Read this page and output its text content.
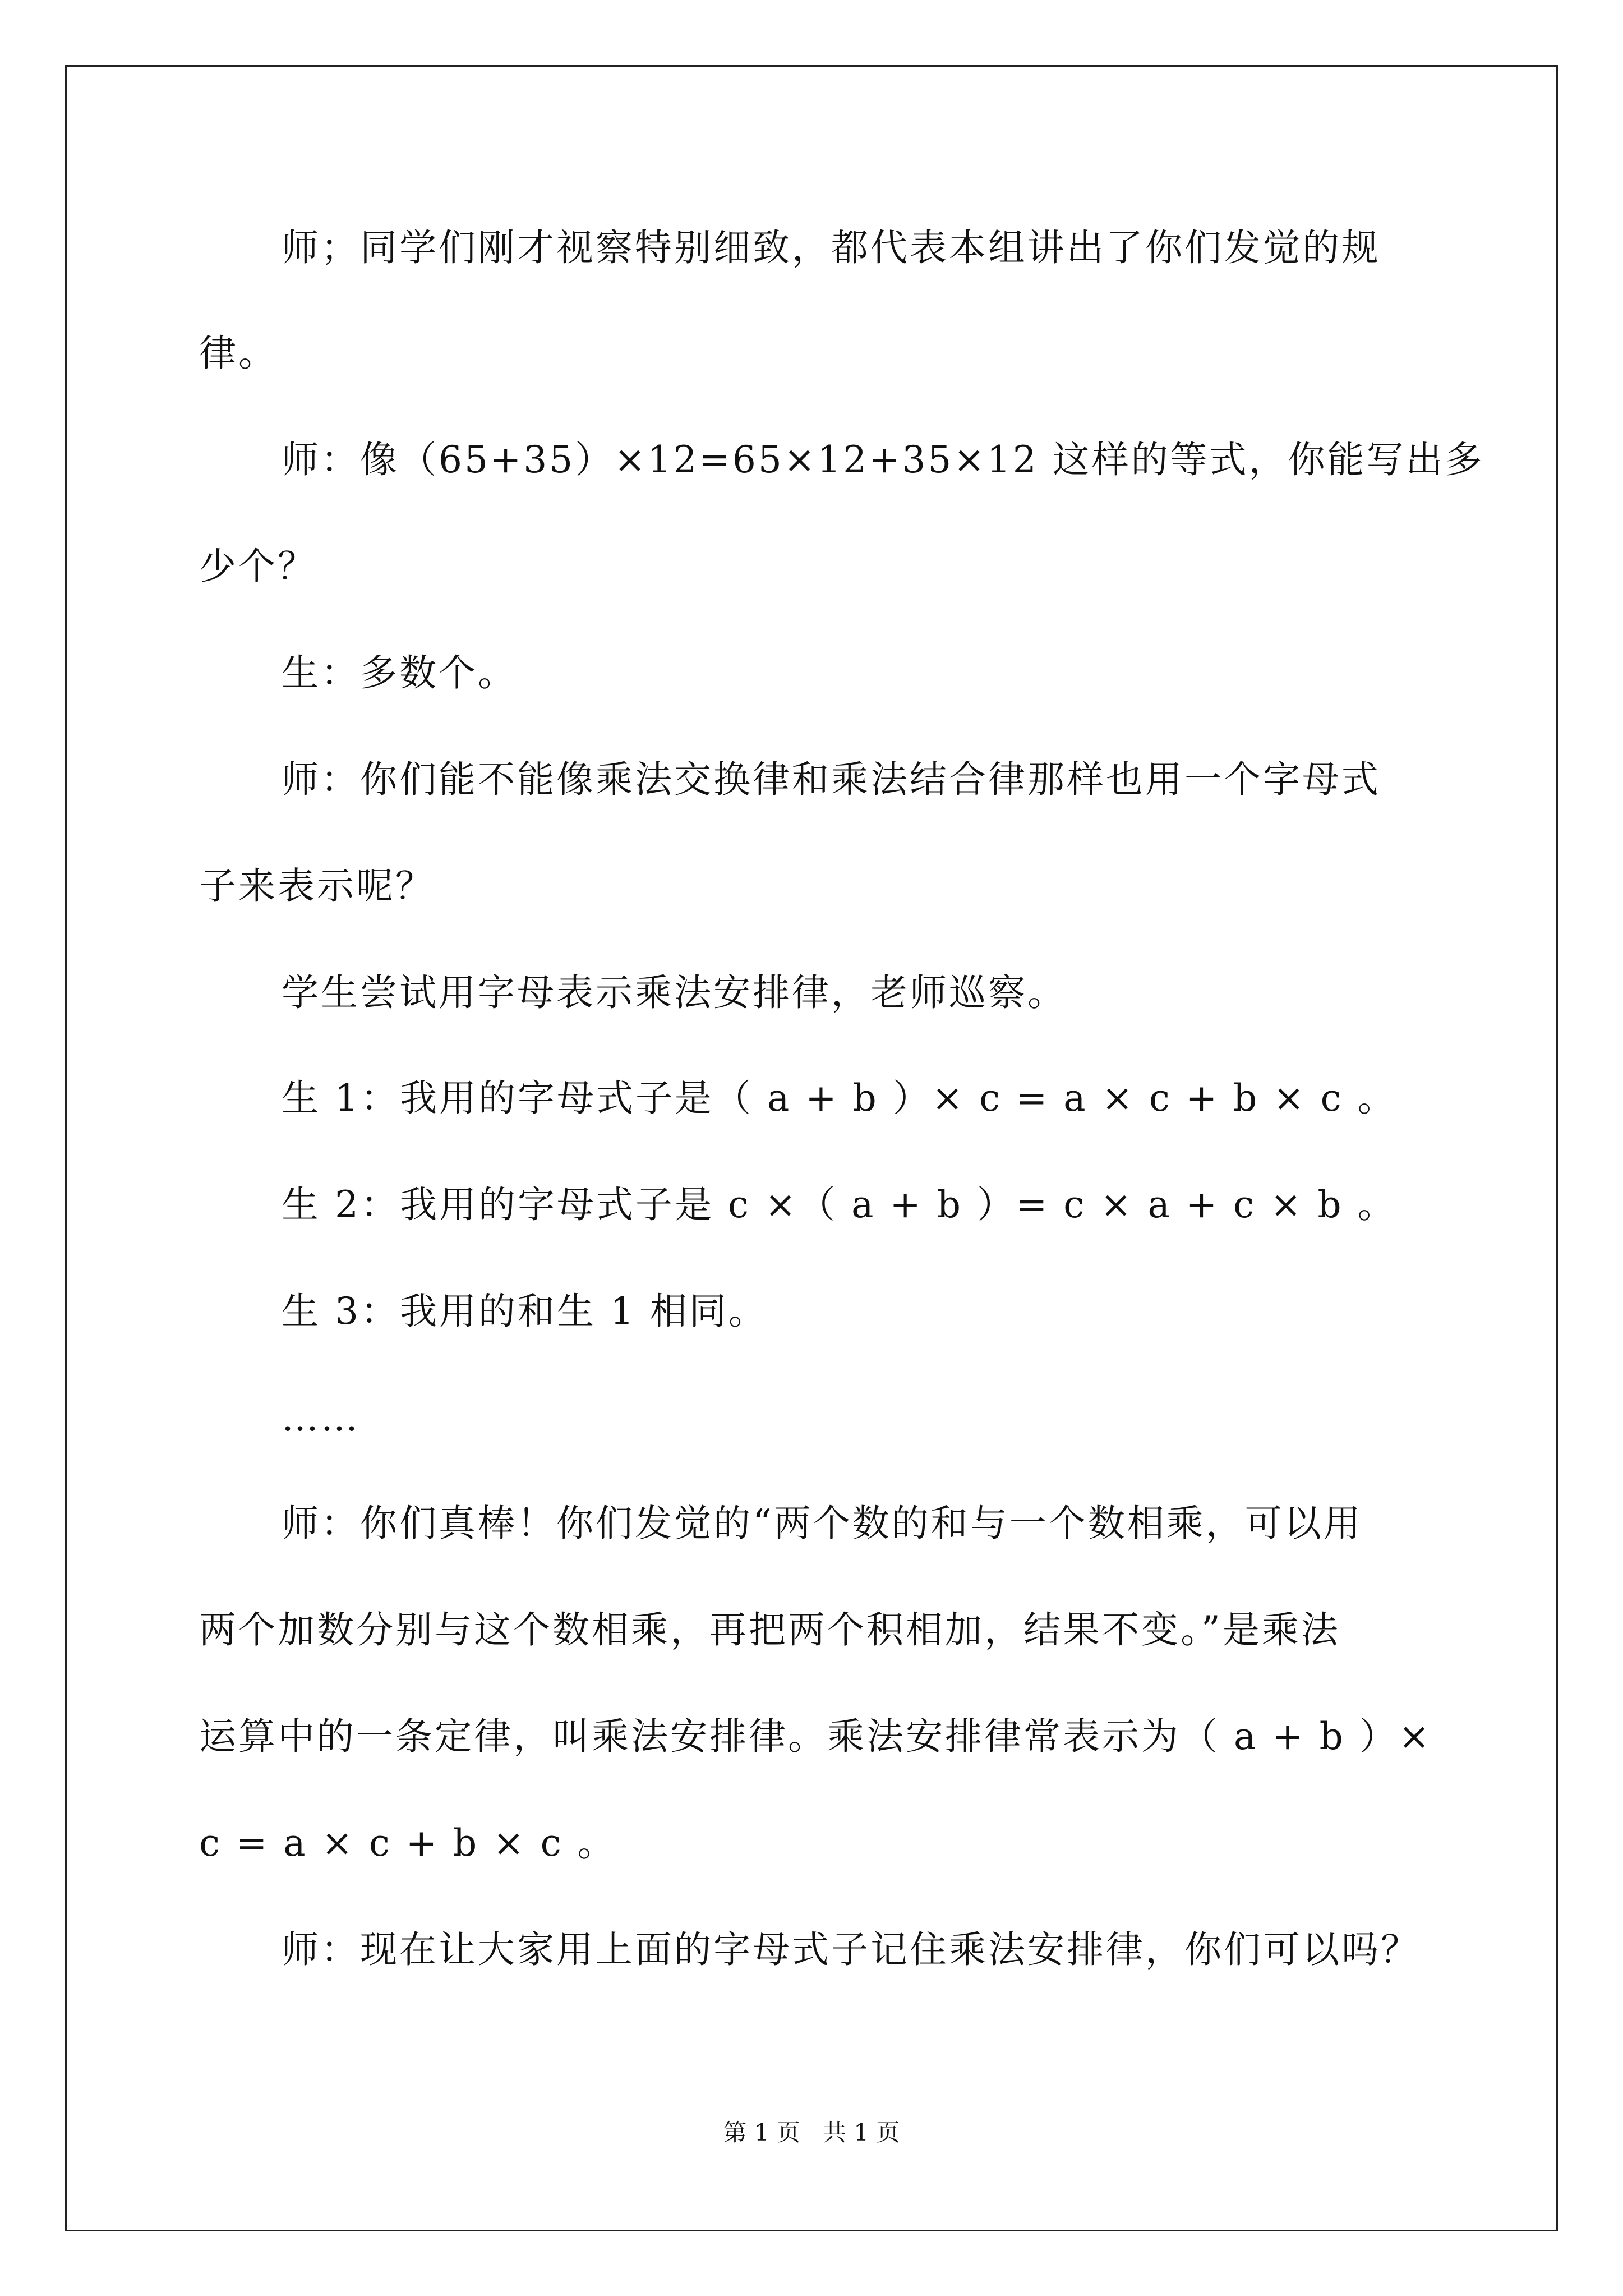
师；同学们刚才视察特别细致，都代表本组讲出了你们发觉的规
律。
师：像（65+35）×12=65×12+35×12 这样的等式，你能写出多
少个？
生：多数个。
师：你们能不能像乘法交换律和乘法结合律那样也用一个字母式
子来表示呢？
学生尝试用字母表示乘法安排律，老师巡察。
生 1：我用的字母式子是（ a + b ）× c = a × c + b × c 。
生 2：我用的字母式子是 c ×（ a + b ）= c × a + c × b 。
生 3：我用的和生 1 相同。
……
师：你们真棒！你们发觉的“两个数的和与一个数相乘，可以用
两个加数分别与这个数相乘，再把两个积相加，结果不变。”是乘法
运算中的一条定律，叫乘法安排律。乘法安排律常表示为（ a + b ）×
c = a × c + b × c 。
师：现在让大家用上面的字母式子记住乘法安排律，你们可以吗？
第 1 页   共 1 页
